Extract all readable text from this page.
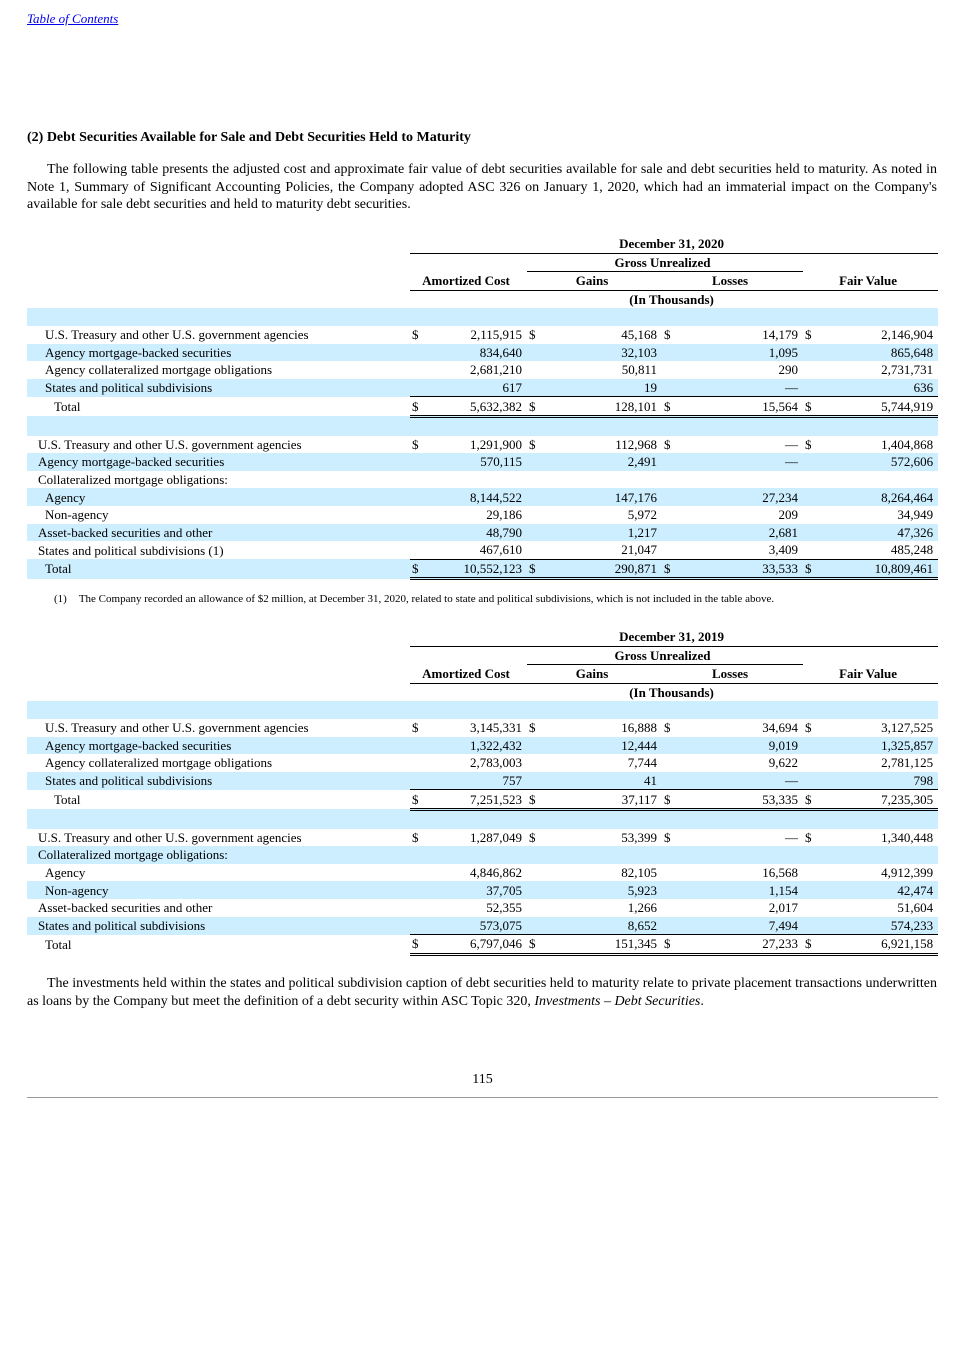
Table of Contents
(2) Debt Securities Available for Sale and Debt Securities Held to Maturity

The following table presents the adjusted cost and approximate fair value of debt securities available for sale and debt securities held to maturity. As noted in Note 1, Summary of Significant Accounting Policies, the Company adopted ASC 326 on January 1, 2020, which had an immaterial impact on the Company's available for sale debt securities and held to maturity debt securities.

	December 31, 2020							
			Gross Unrealized					
	Amortized Cost		Gains		Losses		Fair Value	
	(In Thousands)							

U.S. Treasury and other U.S. government agencies	$	2,115,915	$	45,168	$	14,179	$	2,146,904
Agency mortgage-backed securities		834,640		32,103		1,095		865,648
Agency collateralized mortgage obligations		2,681,210		50,811		290		2,731,731
States and political subdivisions		617		19		—		636
Total	$	5,632,382	$	128,101	$	15,564	$	5,744,919

U.S. Treasury and other U.S. government agencies	$	1,291,900	$	112,968	$	—	$	1,404,868
Agency mortgage-backed securities		570,115		2,491		—		572,606
Collateralized mortgage obligations:								
Agency		8,144,522		147,176		27,234		8,264,464
Non-agency		29,186		5,972		209		34,949
Asset-backed securities and other		48,790		1,217		2,681		47,326
States and political subdivisions (1)		467,610		21,047		3,409		485,248
Total	$	10,552,123	$	290,871	$	33,533	$	10,809,461
(1) The Company recorded an allowance of $2 million, at December 31, 2020, related to state and political subdivisions, which is not included in the table above.
	December 31, 2019							
			Gross Unrealized					
	Amortized Cost		Gains		Losses		Fair Value	
	(In Thousands)							

U.S. Treasury and other U.S. government agencies	$	3,145,331	$	16,888	$	34,694	$	3,127,525
Agency mortgage-backed securities		1,322,432		12,444		9,019		1,325,857
Agency collateralized mortgage obligations		2,783,003		7,744		9,622		2,781,125
States and political subdivisions		757		41		—		798
Total	$	7,251,523	$	37,117	$	53,335	$	7,235,305

U.S. Treasury and other U.S. government agencies	$	1,287,049	$	53,399	$	—	$	1,340,448
Collateralized mortgage obligations:								
Agency		4,846,862		82,105		16,568		4,912,399
Non-agency		37,705		5,923		1,154		42,474
Asset-backed securities and other		52,355		1,266		2,017		51,604
States and political subdivisions		573,075		8,652		7,494		574,233
Total	$	6,797,046	$	151,345	$	27,233	$	6,921,158

The investments held within the states and political subdivision caption of debt securities held to maturity relate to private placement transactions underwritten as loans by the Company but meet the definition of a debt security within ASC Topic 320, Investments – Debt Securities.

115
